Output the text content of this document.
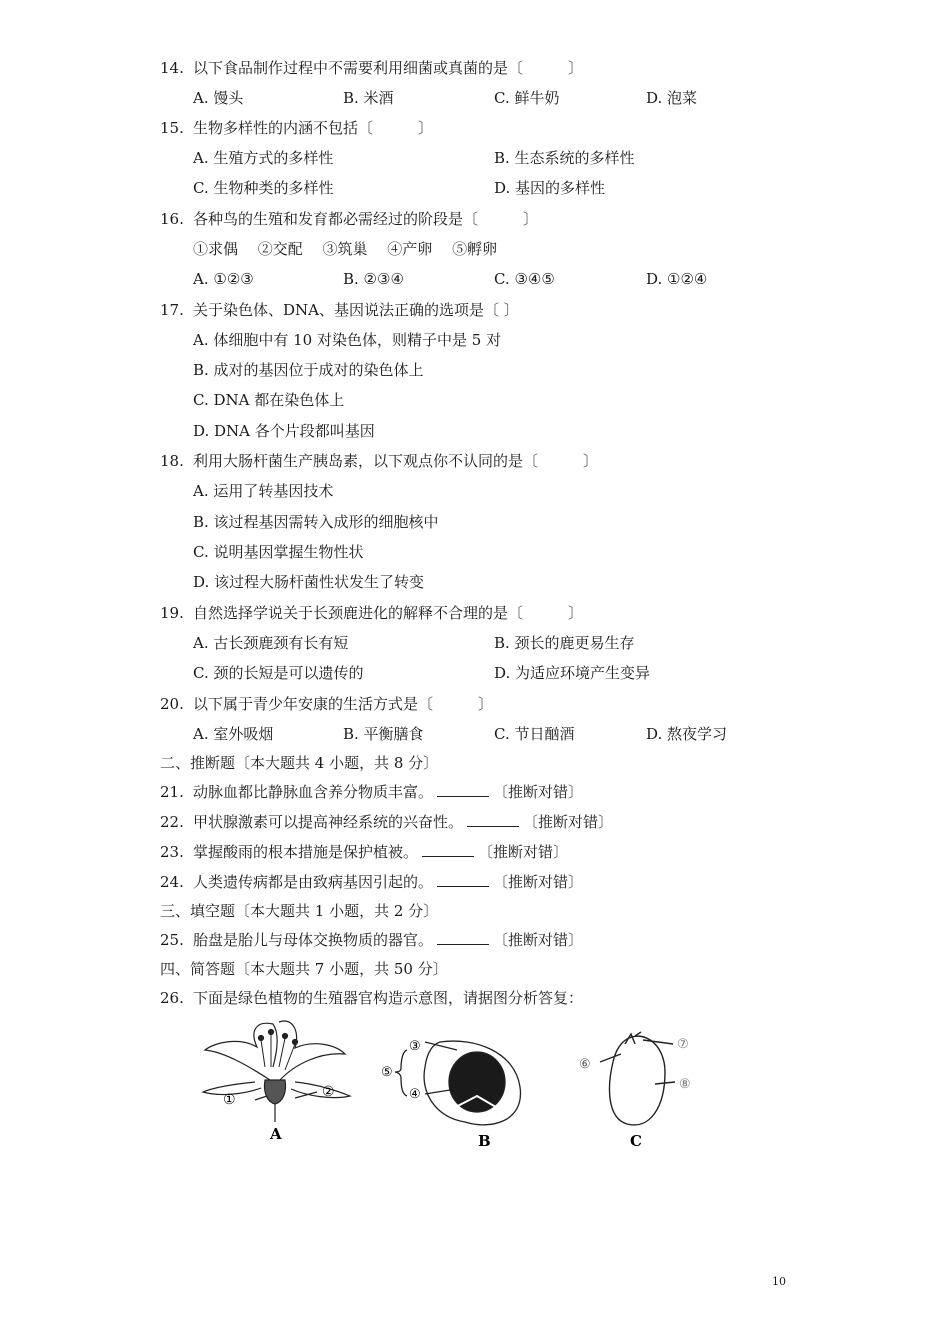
14. 以下食品制作过程中不需要利用细菌或真菌的是〔　　　〕
A. 馒头	B. 米酒	C. 鲜牛奶	D. 泡菜
15. 生物多样性的内涵不包括〔　　　〕
A. 生殖方式的多样性	B. 生态系统的多样性
C. 生物种类的多样性	D. 基因的多样性
16. 各种鸟的生殖和发育都必需经过的阶段是〔　　　〕
①求偶　 ②交配　 ③筑巢　 ④产卵　 ⑤孵卵
A. ①②③	B. ②③④	C. ③④⑤	D. ①②④
17. 关于染色体、DNA、基因说法正确的选项是〔 〕
A. 体细胞中有 10 对染色体，则精子中是 5 对
B. 成对的基因位于成对的染色体上
C. DNA 都在染色体上
D. DNA 各个片段都叫基因
18. 利用大肠杆菌生产胰岛素，以下观点你不认同的是〔　　　〕
A. 运用了转基因技术
B. 该过程基因需转入成形的细胞核中
C. 说明基因掌握生物性状
D. 该过程大肠杆菌性状发生了转变
19. 自然选择学说关于长颈鹿进化的解释不合理的是〔　　　〕
A. 古长颈鹿颈有长有短	B. 颈长的鹿更易生存
C. 颈的长短是可以遗传的	D. 为适应环境产生变异
20. 以下属于青少年安康的生活方式是〔　　　〕
A. 室外吸烟	B. 平衡膳食	C. 节日酗酒	D. 熬夜学习
二、推断题〔本大题共 4 小题，共 8 分〕
21. 动脉血都比静脉血含养分物质丰富。	〔推断对错〕
22. 甲状腺激素可以提高神经系统的兴奋性。	〔推断对错〕
23. 掌握酸雨的根本措施是保护植被。	〔推断对错〕
24. 人类遗传病都是由致病基因引起的。	〔推断对错〕
三、填空题〔本大题共 1 小题，共 2 分〕
25. 胎盘是胎儿与母体交换物质的器官。	〔推断对错〕
四、简答题〔本大题共 7 小题，共 50 分〕
26. 下面是绿色植物的生殖器官构造示意图，请据图分析答复：
①	②
A
③
④
⑤
B
⑥
⑦
⑧
C
10
